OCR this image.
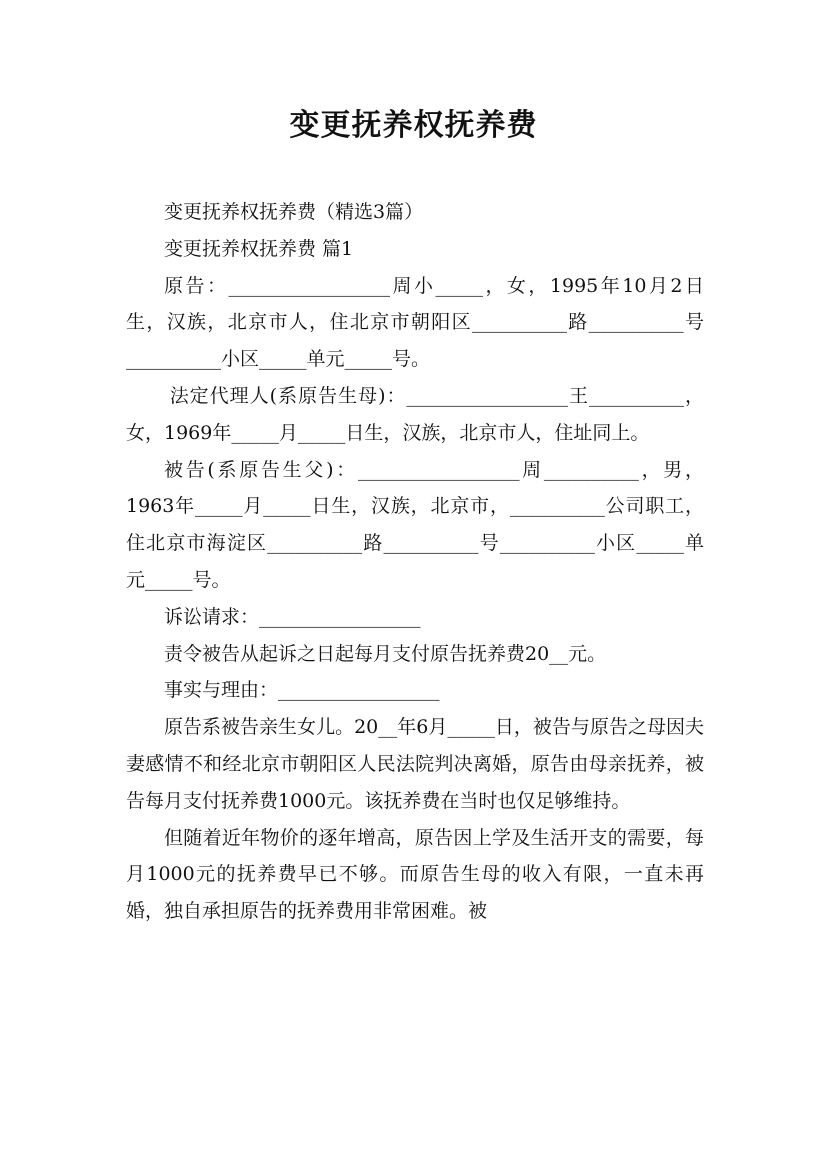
变更抚养权抚养费

变更抚养权抚养费（精选3篇）

变更抚养权抚养费 篇1

原告：_________________周小_____，女，1995年10月2日生，汉族，北京市人，住北京市朝阳区__________路__________号__________小区_____单元_____号。

法定代理人(系原告生母)：_________________王__________，女，1969年_____月_____日生，汉族，北京市人，住址同上。

被告(系原告生父)：_________________周__________，男，1963年_____月_____日生，汉族，北京市，__________公司职工，住北京市海淀区__________路__________号__________小区_____单元_____号。

诉讼请求：_________________

责令被告从起诉之日起每月支付原告抚养费20__元。

事实与理由：_________________

原告系被告亲生女儿。20__年6月_____日，被告与原告之母因夫妻感情不和经北京市朝阳区人民法院判决离婚，原告由母亲抚养，被告每月支付抚养费1000元。该抚养费在当时也仅足够维持。

但随着近年物价的逐年增高，原告因上学及生活开支的需要，每月1000元的抚养费早已不够。而原告生母的收入有限，一直未再婚，独自承担原告的抚养费用非常困难。被
